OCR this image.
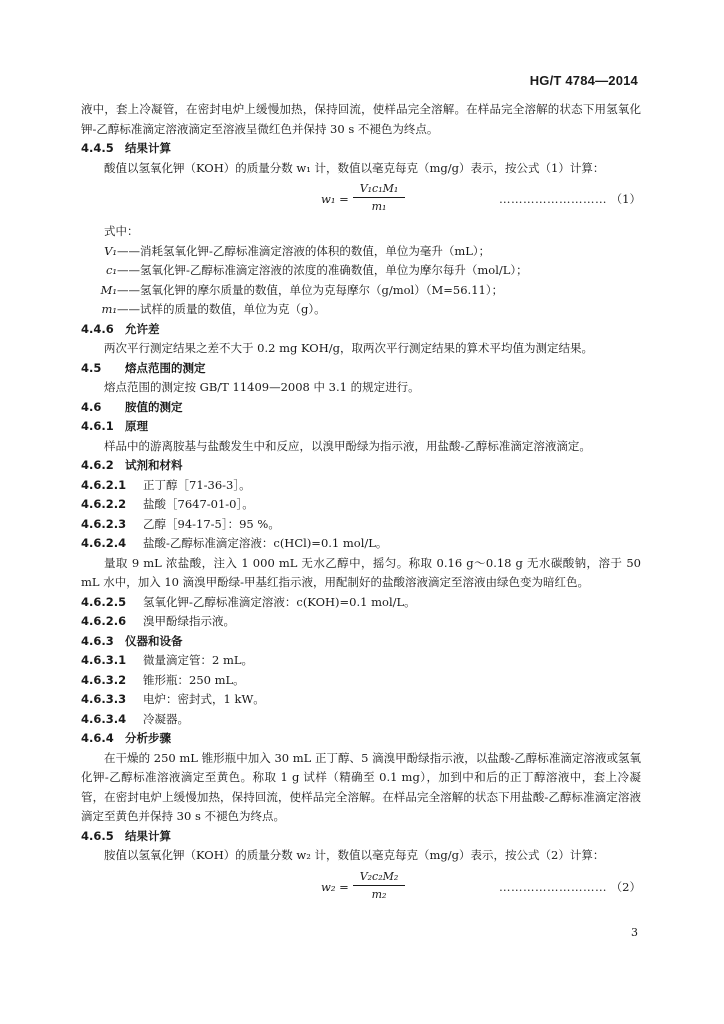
HG/T 4784—2014

液中，套上冷凝管，在密封电炉上缓慢加热，保持回流，使样品完全溶解。在样品完全溶解的状态下用氢氧化钾-乙醇标准滴定溶液滴定至溶液呈微红色并保持 30 s 不褪色为终点。

4.4.5 结果计算

酸值以氢氧化钾（KOH）的质量分数 w₁ 计，数值以毫克每克（mg/g）表示，按公式（1）计算：

w₁ =
V₁c₁M₁
m₁
……………………… （1）

式中：

V₁——消耗氢氧化钾-乙醇标准滴定溶液的体积的数值，单位为毫升（mL）；

c₁——氢氧化钾-乙醇标准滴定溶液的浓度的准确数值，单位为摩尔每升（mol/L）；

M₁——氢氧化钾的摩尔质量的数值，单位为克每摩尔（g/mol）（M=56.11）；

m₁——试样的质量的数值，单位为克（g）。

4.4.6 允许差

两次平行测定结果之差不大于 0.2 mg KOH/g，取两次平行测定结果的算术平均值为测定结果。

4.5 熔点范围的测定

熔点范围的测定按 GB/T 11409—2008 中 3.1 的规定进行。

4.6 胺值的测定

4.6.1 原理

样品中的游离胺基与盐酸发生中和反应，以溴甲酚绿为指示液，用盐酸-乙醇标准滴定溶液滴定。

4.6.2 试剂和材料

4.6.2.1 正丁醇［71-36-3］。

4.6.2.2 盐酸［7647-01-0］。

4.6.2.3 乙醇［94-17-5］：95 %。

4.6.2.4 盐酸-乙醇标准滴定溶液：c(HCl)=0.1 mol/L。

量取 9 mL 浓盐酸，注入 1 000 mL 无水乙醇中，摇匀。称取 0.16 g～0.18 g 无水碳酸钠，溶于 50 mL 水中，加入 10 滴溴甲酚绿-甲基红指示液，用配制好的盐酸溶液滴定至溶液由绿色变为暗红色。

4.6.2.5 氢氧化钾-乙醇标准滴定溶液：c(KOH)=0.1 mol/L。

4.6.2.6 溴甲酚绿指示液。

4.6.3 仪器和设备

4.6.3.1 微量滴定管：2 mL。

4.6.3.2 锥形瓶：250 mL。

4.6.3.3 电炉：密封式，1 kW。

4.6.3.4 冷凝器。

4.6.4 分析步骤

在干燥的 250 mL 锥形瓶中加入 30 mL 正丁醇、5 滴溴甲酚绿指示液，以盐酸-乙醇标准滴定溶液或氢氧化钾-乙醇标准溶液滴定至黄色。称取 1 g 试样（精确至 0.1 mg），加到中和后的正丁醇溶液中，套上冷凝管，在密封电炉上缓慢加热，保持回流，使样品完全溶解。在样品完全溶解的状态下用盐酸-乙醇标准滴定溶液滴定至黄色并保持 30 s 不褪色为终点。

4.6.5 结果计算

胺值以氢氧化钾（KOH）的质量分数 w₂ 计，数值以毫克每克（mg/g）表示，按公式（2）计算：

w₂ =
V₂c₂M₂
m₂
……………………… （2）
3
